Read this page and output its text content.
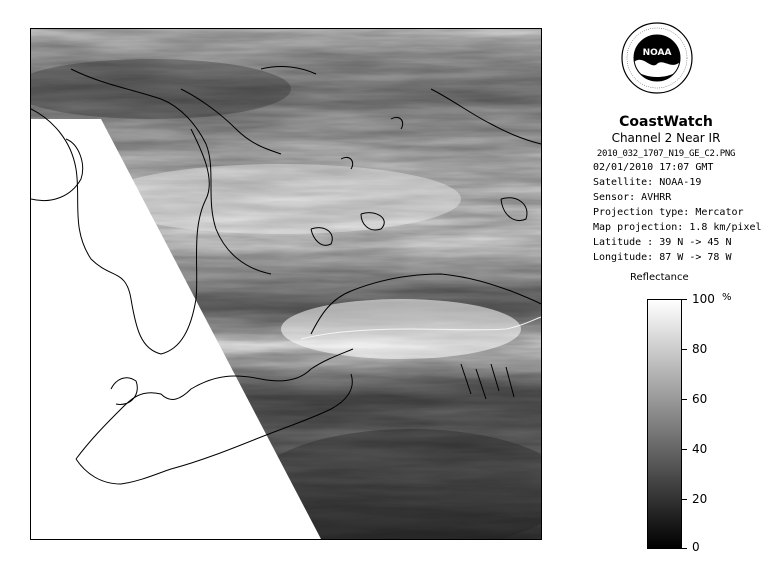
NOAA
CoastWatch
Channel 2 Near IR
2010_032_1707_N19_GE_C2.PNG
02/01/2010 17:07 GMT
Satellite: NOAA-19
Sensor: AVHRR
Projection type: Mercator
Map projection: 1.8 km/pixel
Latitude : 39 N -> 45 N
Longitude: 87 W -> 78 W
Reflectance
%
100
80
60
40
20
0
